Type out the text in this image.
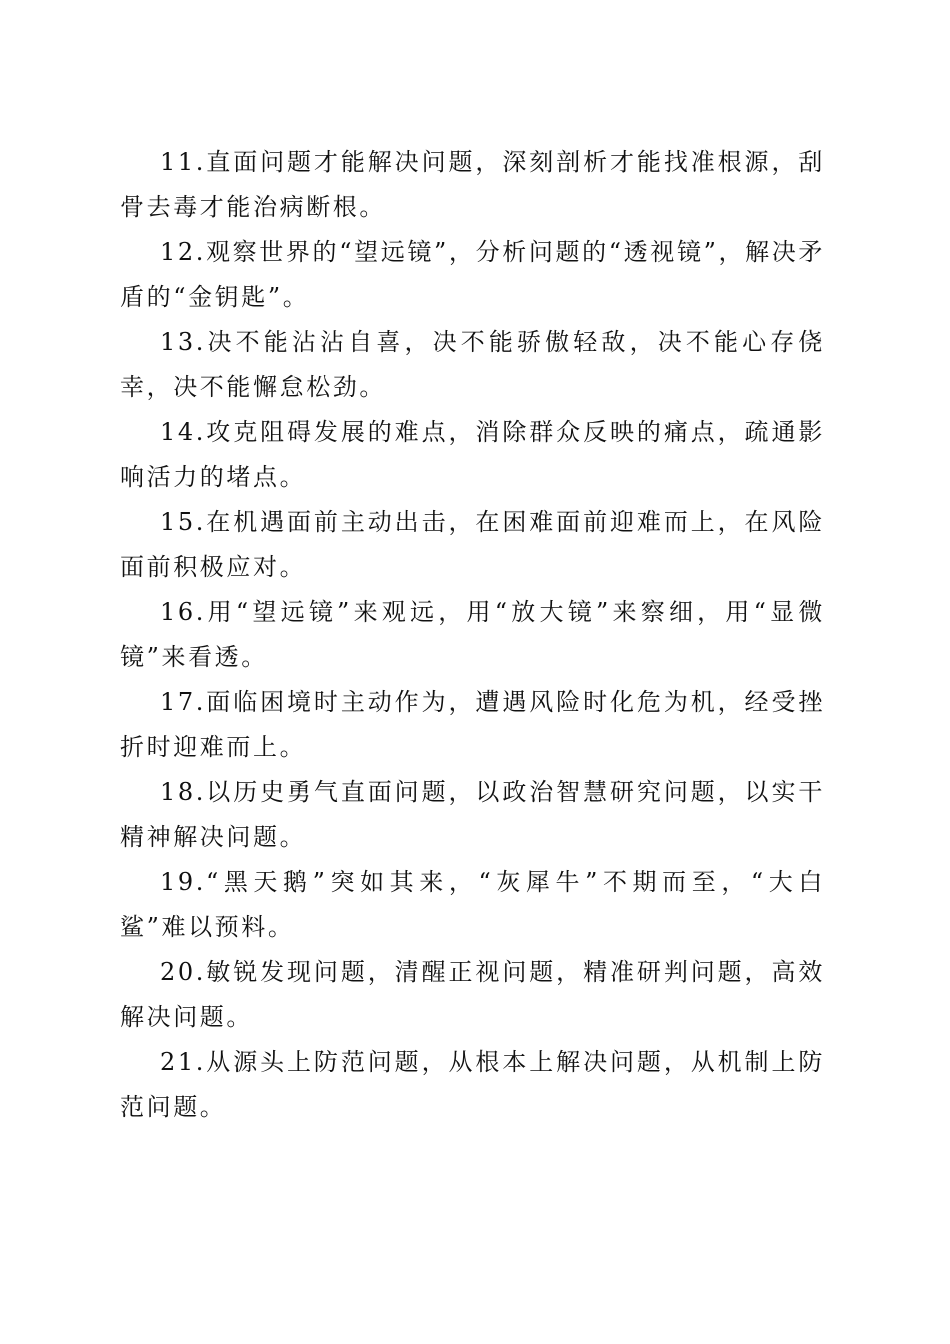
11.直面问题才能解决问题，深刻剖析才能找准根源，刮骨去毒才能治病断根。

12.观察世界的“望远镜”，分析问题的“透视镜”，解决矛盾的“金钥匙”。

13.决不能沾沾自喜，决不能骄傲轻敌，决不能心存侥幸，决不能懈怠松劲。

14.攻克阻碍发展的难点，消除群众反映的痛点，疏通影响活力的堵点。

15.在机遇面前主动出击，在困难面前迎难而上，在风险面前积极应对。

16.用“望远镜”来观远，用“放大镜”来察细，用“显微镜”来看透。

17.面临困境时主动作为，遭遇风险时化危为机，经受挫折时迎难而上。

18.以历史勇气直面问题，以政治智慧研究问题，以实干精神解决问题。

19.“黑天鹅”突如其来，“灰犀牛”不期而至，“大白鲨”难以预料。

20.敏锐发现问题，清醒正视问题，精准研判问题，高效解决问题。

21.从源头上防范问题，从根本上解决问题，从机制上防范问题。
